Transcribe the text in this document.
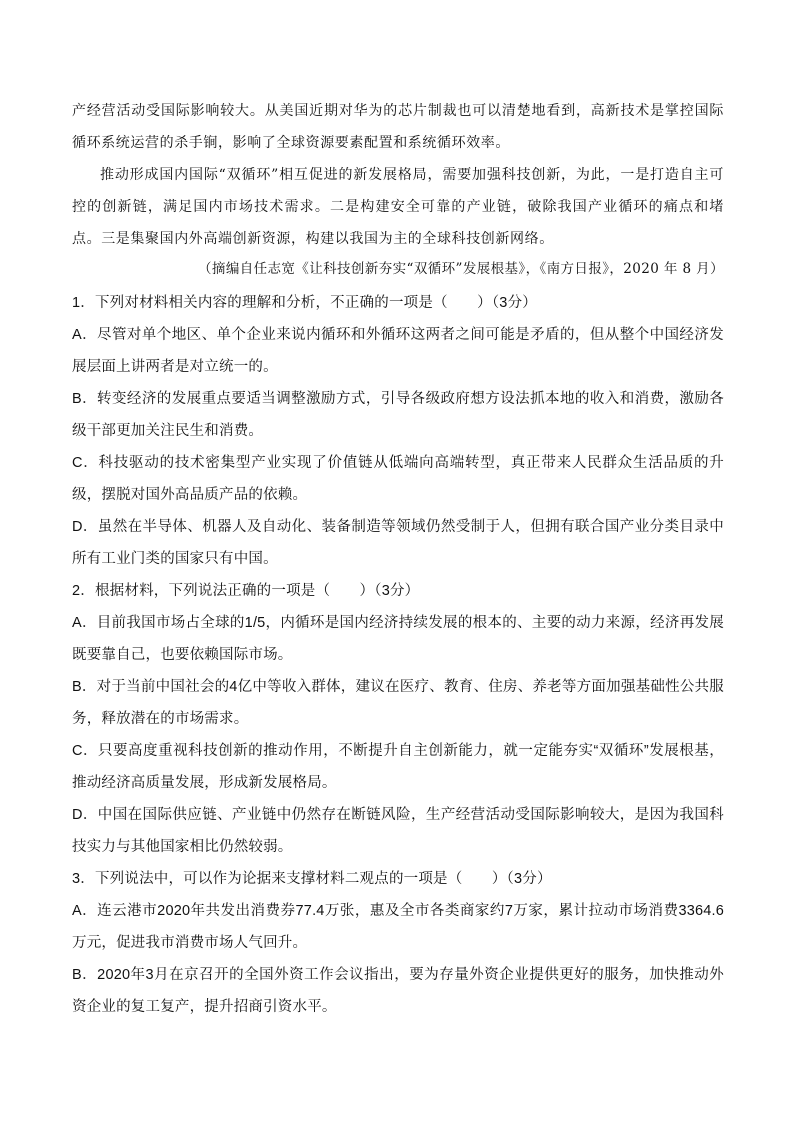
产经营活动受国际影响较大。从美国近期对华为的芯片制裁也可以清楚地看到，高新技术是掌控国际循环系统运营的杀手锏，影响了全球资源要素配置和系统循环效率。

推动形成国内国际“双循环”相互促进的新发展格局，需要加强科技创新，为此，一是打造自主可控的创新链，满足国内市场技术需求。二是构建安全可靠的产业链，破除我国产业循环的痛点和堵点。三是集聚国内外高端创新资源，构建以我国为主的全球科技创新网络。

（摘编自任志宽《让科技创新夯实“双循环”发展根基》，《南方日报》，2020 年 8 月）
1．下列对材料相关内容的理解和分析，不正确的一项是（　　）（3分）
A．尽管对单个地区、单个企业来说内循环和外循环这两者之间可能是矛盾的，但从整个中国经济发展层面上讲两者是对立统一的。
B．转变经济的发展重点要适当调整激励方式，引导各级政府想方设法抓本地的收入和消费，激励各级干部更加关注民生和消费。
C．科技驱动的技术密集型产业实现了价值链从低端向高端转型，真正带来人民群众生活品质的升级，摆脱对国外高品质产品的依赖。
D．虽然在半导体、机器人及自动化、装备制造等领域仍然受制于人，但拥有联合国产业分类目录中所有工业门类的国家只有中国。
2．根据材料，下列说法正确的一项是（　　）（3分）
A．目前我国市场占全球的1/5，内循环是国内经济持续发展的根本的、主要的动力来源，经济再发展既要靠自己，也要依赖国际市场。
B．对于当前中国社会的4亿中等收入群体，建议在医疗、教育、住房、养老等方面加强基础性公共服务，释放潜在的市场需求。
C．只要高度重视科技创新的推动作用，不断提升自主创新能力，就一定能夯实“双循环”发展根基，推动经济高质量发展，形成新发展格局。
D．中国在国际供应链、产业链中仍然存在断链风险，生产经营活动受国际影响较大，是因为我国科技实力与其他国家相比仍然较弱。
3．下列说法中，可以作为论据来支撑材料二观点的一项是（　　）（3分）
A．连云港市2020年共发出消费券77.4万张，惠及全市各类商家约7万家，累计拉动市场消费3364.6万元，促进我市消费市场人气回升。
B．2020年3月在京召开的全国外资工作会议指出，要为存量外资企业提供更好的服务，加快推动外资企业的复工复产，提升招商引资水平。
